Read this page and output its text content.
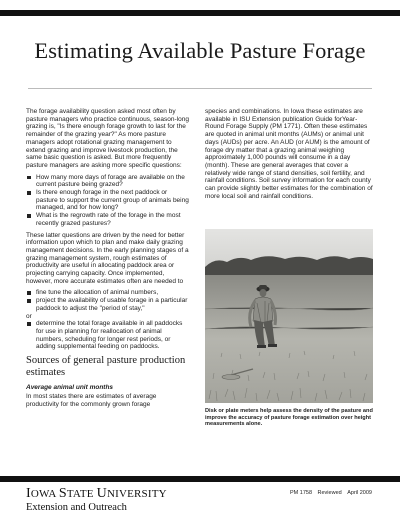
Estimating Available Pasture Forage

The forage availability question asked most often by pasture managers who practice continuous, season-long grazing is, "Is there enough forage growth to last for the remainder of the grazing year?" As more pasture managers adopt rotational grazing management to extend grazing and improve livestock production, the same basic question is asked. But more frequently pasture managers are asking more specific questions:

How many more days of forage are available on the current pasture being grazed?
Is there enough forage in the next paddock or pasture to support the current group of animals being managed, and for how long?
What is the regrowth rate of the forage in the most recently grazed pastures?

These latter questions are driven by the need for better information upon which to plan and make daily grazing management decisions. In the early planning stages of a grazing management system, rough estimates of productivity are useful in allocating paddock area or projecting carrying capacity. Once implemented, however, more accurate estimates often are needed to

fine tune the allocation of animal numbers,
project the availability of usable forage in a particular paddock to adjust the "period of stay,"

or

determine the total forage available in all paddocks for use in planning for reallocation of animal numbers, scheduling for longer rest periods, or adding supplemental feeding on paddocks.
Sources of general pasture production estimates
Average animal unit months

In most states there are estimates of average productivity for the commonly grown forage

species and combinations. In Iowa these estimates are available in ISU Extension publication Guide forYear-Round Forage Supply (PM 1771). Often these estimates are quoted in animal unit months (AUMs) or animal unit days (AUDs) per acre. An AUD (or AUM) is the amount of forage dry matter that a grazing animal weighing approximately 1,000 pounds will consume in a day (month). These are general averages that cover a relatively wide range of stand densities, soil fertility, and rainfall conditions. Soil survey information for each county can provide slightly better estimates for the combination of more local soil and rainfall conditions.

Disk or plate meters help assess the density of the pasture and improve the accuracy of pasture forage estimation over height measurements alone.
IOWA STATE UNIVERSITY
Extension and Outreach
PM 1758 Reviewed April 2009
